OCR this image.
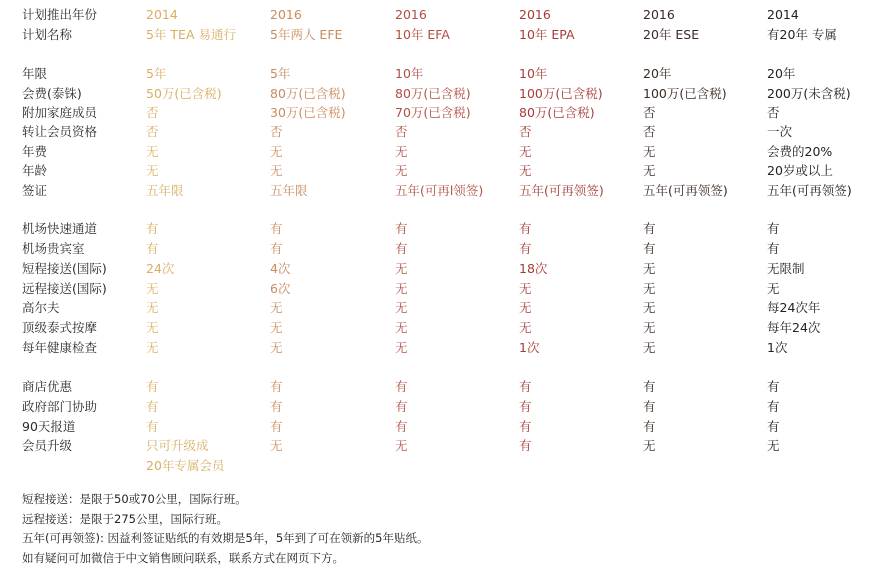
计划推出年份	2014	2016	2016	2016	2016	2014
计划名称	5年 TEA 易通行	5年两人 EFE	10年 EFA	10年 EPA	20年 ESE	有20年 专属
年限	5年	5年	10年	10年	20年	20年
会费(泰铢)	50万(已含税)	80万(已含税)	80万(已含税)	100万(已含税)	100万(已含税)	200万(未含税)
附加家庭成员	否	30万(已含税)	70万(已含税)	80万(已含税)	否	否
转让会员资格	否	否	否	否	否	一次
年费	无	无	无	无	无	会费的20%
年龄	无	无	无	无	无	20岁或以上
签证	五年限	五年限	五年(可再l领签)	五年(可再领签)	五年(可再领签)	五年(可再领签)
机场快速通道	有	有	有	有	有	有
机场贵宾室	有	有	有	有	有	有
短程接送(国际)	24次	4次	无	18次	无	无限制
远程接送(国际)	无	6次	无	无	无	无
高尔夫	无	无	无	无	无	每24次年
顶级泰式按摩	无	无	无	无	无	每年24次
每年健康检查	无	无	无	1次	无	1次
商店优惠	有	有	有	有	有	有
政府部门协助	有	有	有	有	有	有
90天报道	有	有	有	有	有	有
会员升级	只可升级成	无	无	有	无	无
20年专属会员
短程接送：是限于50或70公里，国际行班。
远程接送：是限于275公里，国际行班。
五年(可再领签): 因益利签证贴纸的有效期是5年，5年到了可在领新的5年贴纸。
如有疑问可加微信于中文销售顾问联系，联系方式在网页下方。
